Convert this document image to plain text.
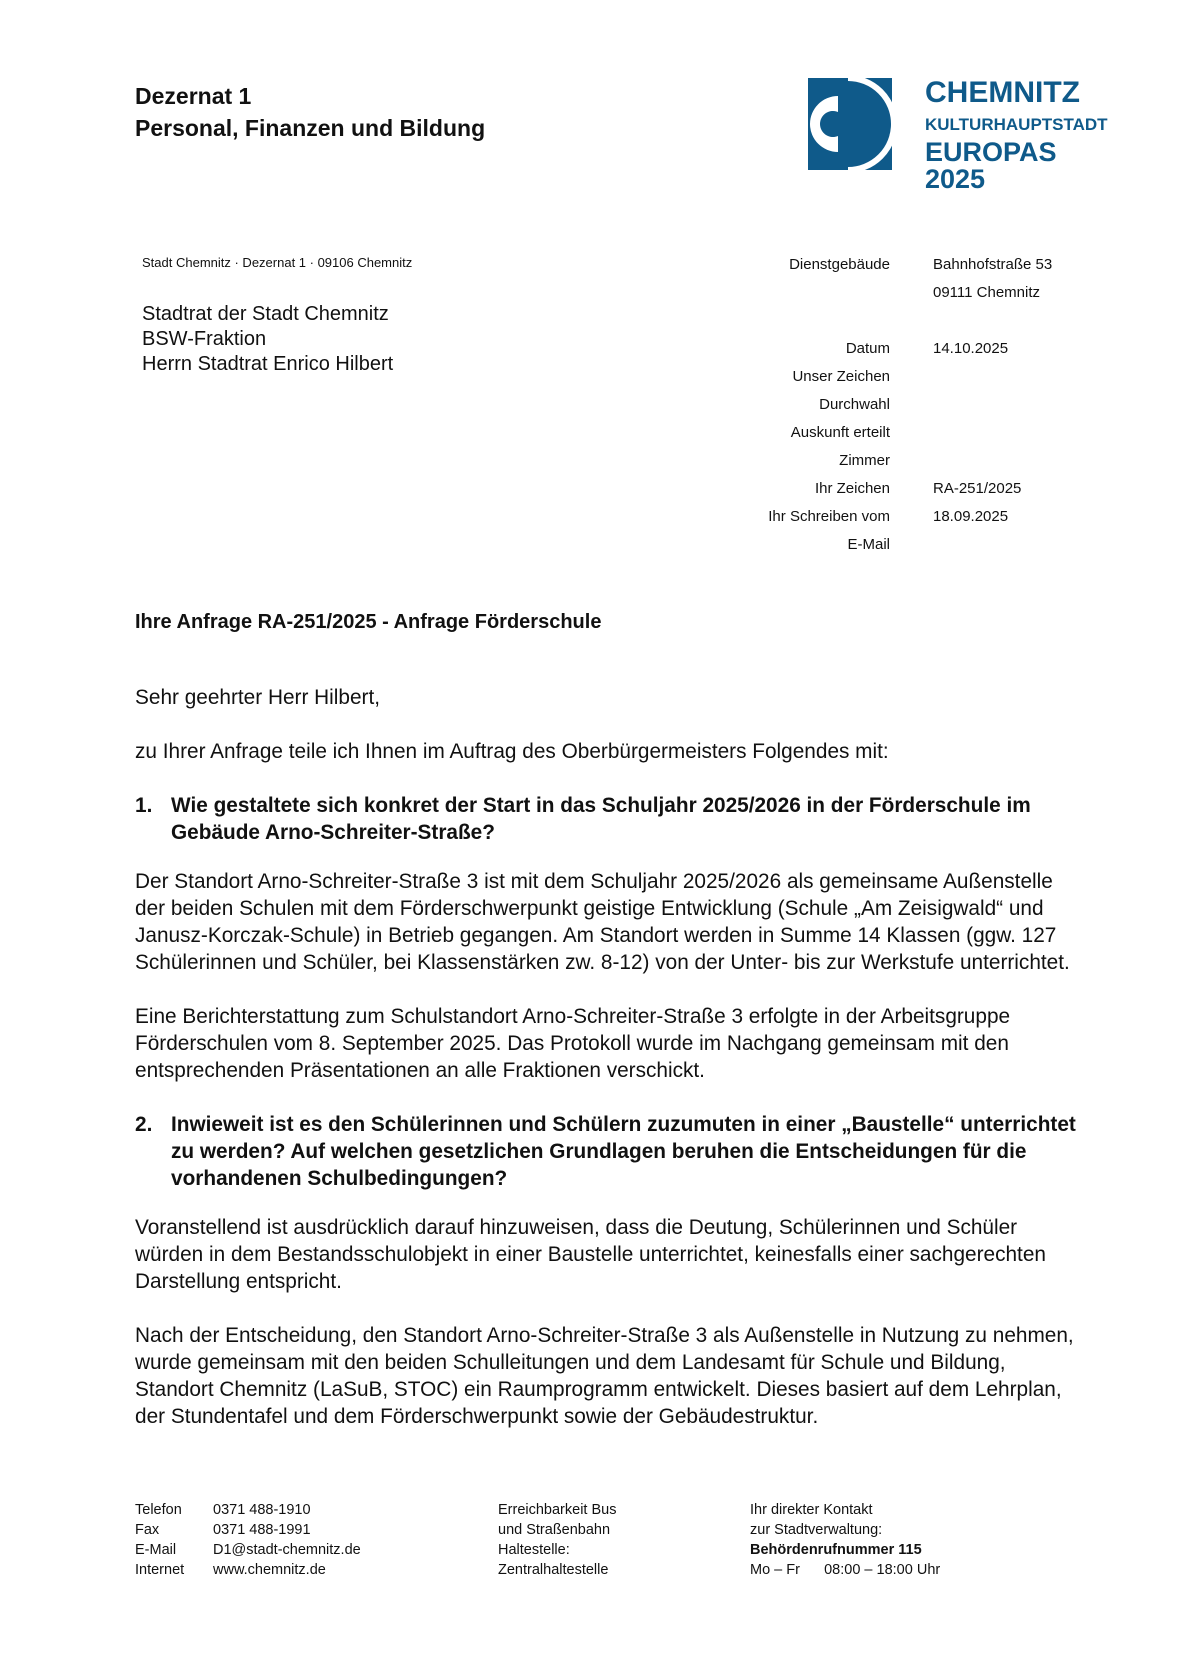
Dezernat 1
Personal, Finanzen und Bildung
CHEMNITZ
KULTURHAUPTSTADT
EUROPAS 2025
Stadt Chemnitz · Dezernat 1 · 09106 Chemnitz
Stadtrat der Stadt Chemnitz
BSW-Fraktion
Herrn Stadtrat Enrico Hilbert
Dienstgebäude	Bahnhofstraße 53
09111 Chemnitz
Datum	14.10.2025
Unser Zeichen
Durchwahl
Auskunft erteilt
Zimmer
Ihr Zeichen	RA-251/2025
Ihr Schreiben vom	18.09.2025
E-Mail
Ihre Anfrage RA-251/2025 - Anfrage Förderschule

Sehr geehrter Herr Hilbert,

zu Ihrer Anfrage teile ich Ihnen im Auftrag des Oberbürgermeisters Folgendes mit:

1. Wie gestaltete sich konkret der Start in das Schuljahr 2025/2026 in der Förderschule im Gebäude Arno-Schreiter-Straße?

Der Standort Arno-Schreiter-Straße 3 ist mit dem Schuljahr 2025/2026 als gemeinsame Außenstelle der beiden Schulen mit dem Förderschwerpunkt geistige Entwicklung (Schule „Am Zeisigwald“ und Janusz-Korczak-Schule) in Betrieb gegangen. Am Standort werden in Summe 14 Klassen (ggw. 127 Schülerinnen und Schüler, bei Klassenstärken zw. 8-12) von der Unter- bis zur Werkstufe unterrichtet.

Eine Berichterstattung zum Schulstandort Arno-Schreiter-Straße 3 erfolgte in der Arbeitsgruppe Förderschulen vom 8. September 2025. Das Protokoll wurde im Nachgang gemeinsam mit den entsprechenden Präsentationen an alle Fraktionen verschickt.

2. Inwieweit ist es den Schülerinnen und Schülern zuzumuten in einer „Baustelle“ unterrichtet zu werden? Auf welchen gesetzlichen Grundlagen beruhen die Entscheidungen für die vorhandenen Schulbedingungen?

Voranstellend ist ausdrücklich darauf hinzuweisen, dass die Deutung, Schülerinnen und Schüler würden in dem Bestandsschulobjekt in einer Baustelle unterrichtet, keinesfalls einer sachgerechten Darstellung entspricht.

Nach der Entscheidung, den Standort Arno-Schreiter-Straße 3 als Außenstelle in Nutzung zu nehmen, wurde gemeinsam mit den beiden Schulleitungen und dem Landesamt für Schule und Bildung, Standort Chemnitz (LaSuB, STOC) ein Raumprogramm entwickelt. Dieses basiert auf dem Lehrplan, der Stundentafel und dem Förderschwerpunkt sowie der Gebäudestruktur.

Telefon	0371 488-1910
Fax	0371 488-1991
E-Mail	D1@stadt-chemnitz.de
Internet	www.chemnitz.de
Erreichbarkeit Bus
und Straßenbahn
Haltestelle:
Zentralhaltestelle
Ihr direkter Kontakt
zur Stadtverwaltung:
Behördenrufnummer 115
Mo – Fr      08:00 – 18:00 Uhr
